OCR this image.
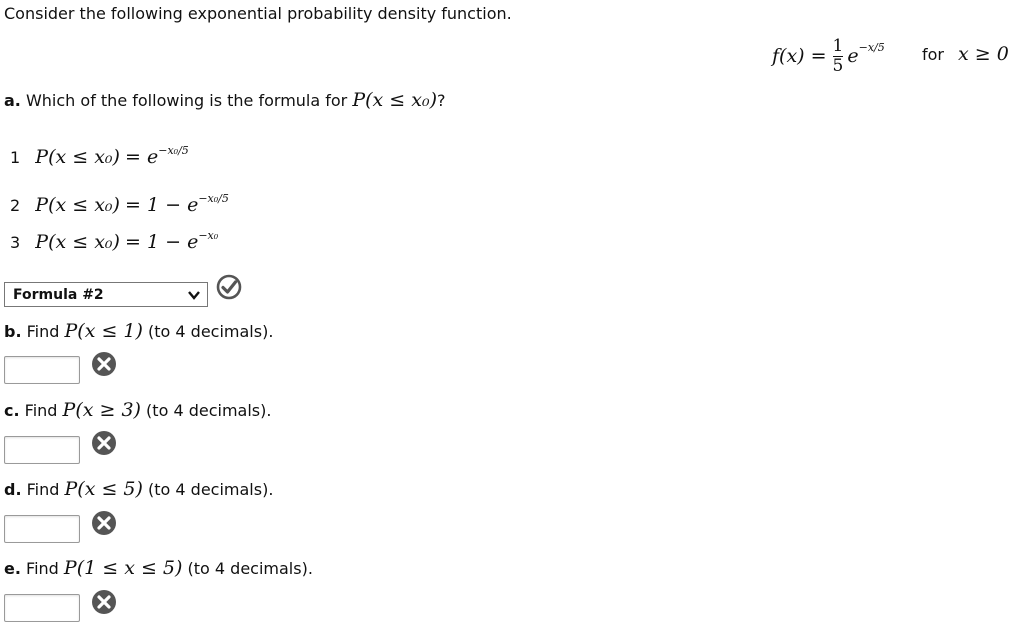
Consider the following exponential probability density function.
f(x) = 1
5 e −x/5 for x ≥ 0
a. Which of the following is the formula for P(x ≤ x₀)?
1 $P(x \le x_0) = e^{-x_0/5}$
2 $P(x \le x_0) = 1 - e^{-x_0/5}$
3 $P(x \le x_0) = 1 - e^{-x_0}$
Formula #2
b. Find P(x ≤ 1) (to 4 decimals).
c. Find P(x ≥ 3) (to 4 decimals).
d. Find P(x ≤ 5) (to 4 decimals).
e. Find P(1 ≤ x ≤ 5) (to 4 decimals).
